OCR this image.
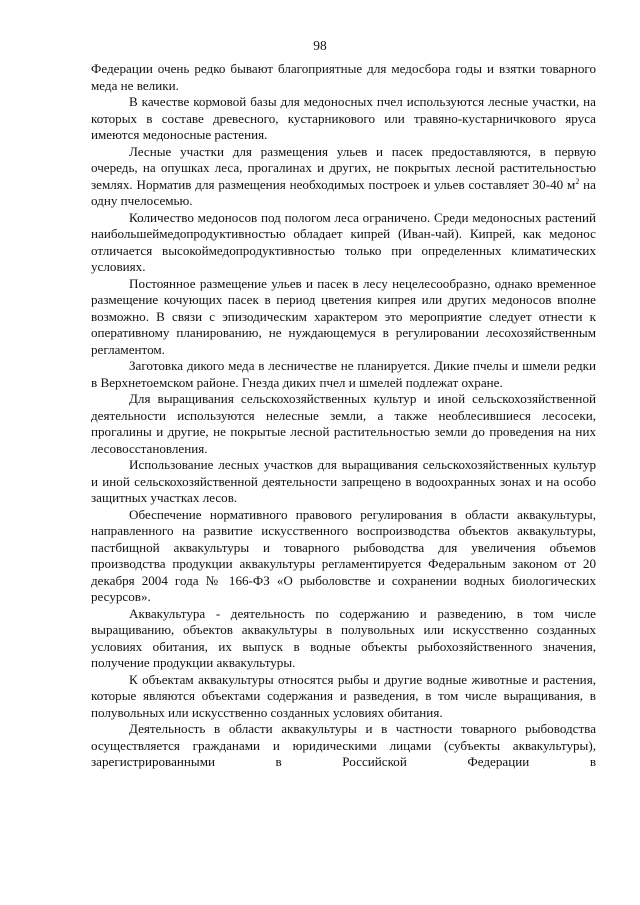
98

Федерации очень редко бывают благоприятные для медосбора годы и взятки товарного меда не велики.

В качестве кормовой базы для медоносных пчел используются лесные участки, на которых в составе древесного, кустарникового или травяно-кустарничкового яруса имеются медоносные растения.

Лесные участки для размещения ульев и пасек предоставляются, в первую очередь, на опушках леса, прогалинах и других, не покрытых лесной растительностью землях. Норматив для размещения необходимых построек и ульев составляет 30-40 $м^2$ на одну пчелосемью.

Количество медоносов под пологом леса ограничено. Среди медоносных растений наибольшеймедопродуктивностью обладает кипрей (Иван-чай). Кипрей, как медонос отличается высокоймедопродуктивностью только при определенных климатических условиях.

Постоянное размещение ульев и пасек в лесу нецелесообразно, однако временное размещение кочующих пасек в период цветения кипрея или других медоносов вполне возможно. В связи с эпизодическим характером это мероприятие следует отнести к оперативному планированию, не нуждающемуся в регулировании лесохозяйственным регламентом.

Заготовка дикого меда в лесничестве не планируется. Дикие пчелы и шмели редки в Верхнетоемском районе. Гнезда диких пчел и шмелей подлежат охране.

Для выращивания сельскохозяйственных культур и иной сельскохозяйственной деятельности используются нелесные земли, а также необлесившиеся лесосеки, прогалины и другие, не покрытые лесной растительностью земли до проведения на них лесовосстановления.

Использование лесных участков для выращивания сельскохозяйственных культур и иной сельскохозяйственной деятельности запрещено в водоохранных зонах и на особо защитных участках лесов.

Обеспечение нормативного правового регулирования в области аквакультуры, направленного на развитие искусственного воспроизводства объектов аквакультуры, пастбищной аквакультуры и товарного рыбоводства для увеличения объемов производства продукции аквакультуры регламентируется Федеральным законом от 20 декабря 2004 года № 166-ФЗ «О рыболовстве и сохранении водных биологических ресурсов».

Аквакультура - деятельность по содержанию и разведению, в том числе выращиванию, объектов аквакультуры в полувольных или искусственно созданных условиях обитания, их выпуск в водные объекты рыбохозяйственного значения, получение продукции аквакультуры.

К объектам аквакультуры относятся рыбы и другие водные животные и растения, которые являются объектами содержания и разведения, в том числе выращивания, в полувольных или искусственно созданных условиях обитания.

Деятельность в области аквакультуры и в частности товарного рыбоводства осуществляется гражданами и юридическими лицами (субъекты аквакультуры), зарегистрированными в Российской Федерации в
